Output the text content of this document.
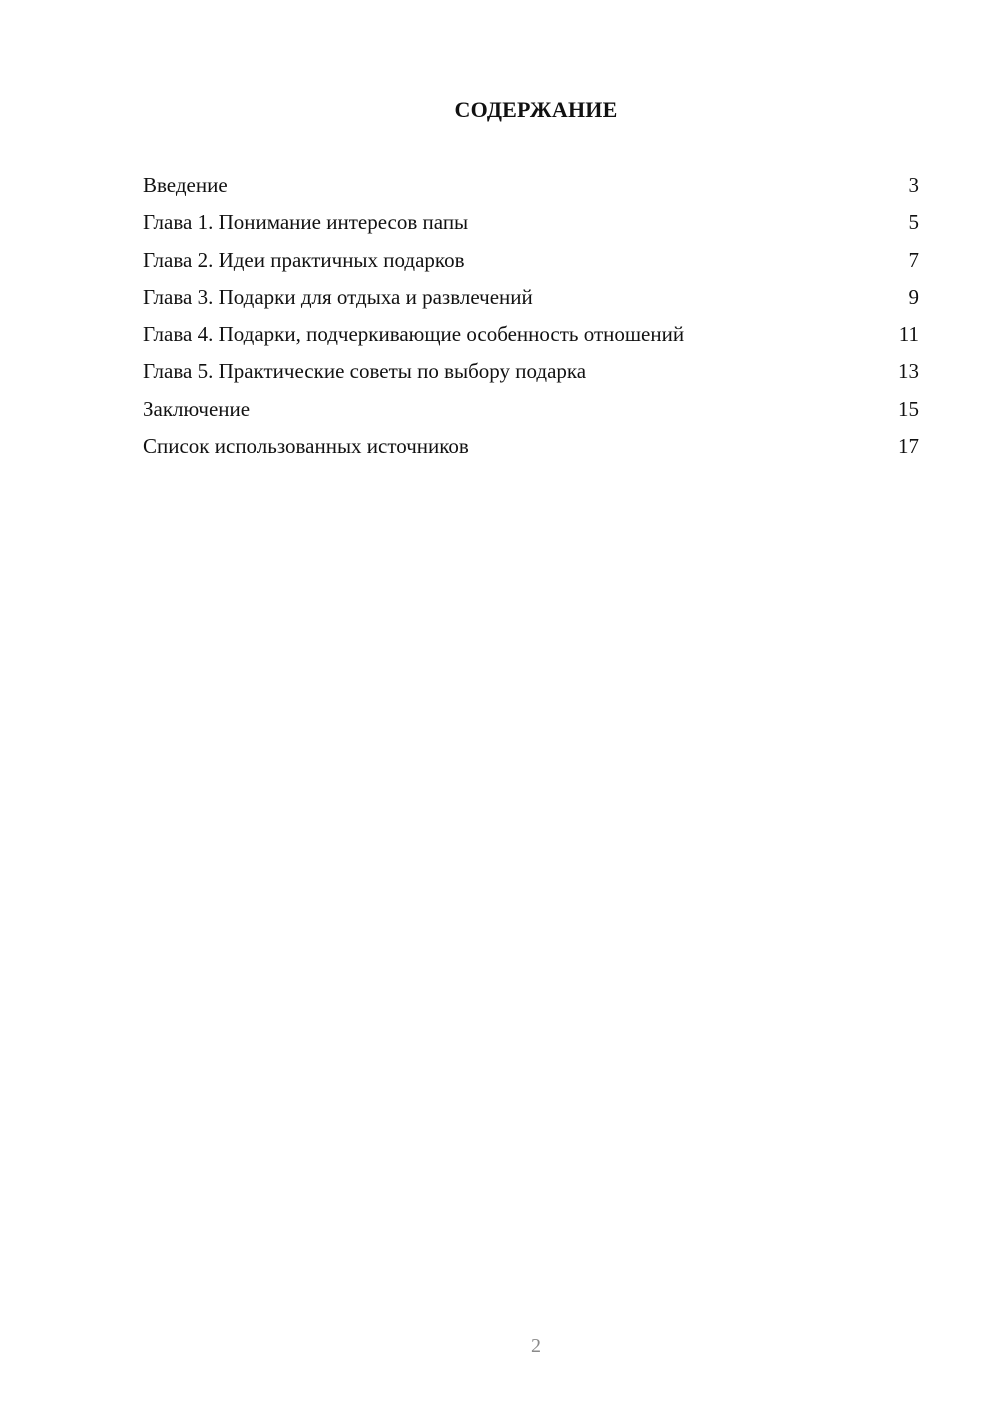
СОДЕРЖАНИЕ
Введение	3
Глава 1. Понимание интересов папы	5
Глава 2. Идеи практичных подарков	7
Глава 3. Подарки для отдыха и развлечений	9
Глава 4. Подарки, подчеркивающие особенность отношений	11
Глава 5. Практические советы по выбору подарка	13
Заключение	15
Список использованных источников	17
2
